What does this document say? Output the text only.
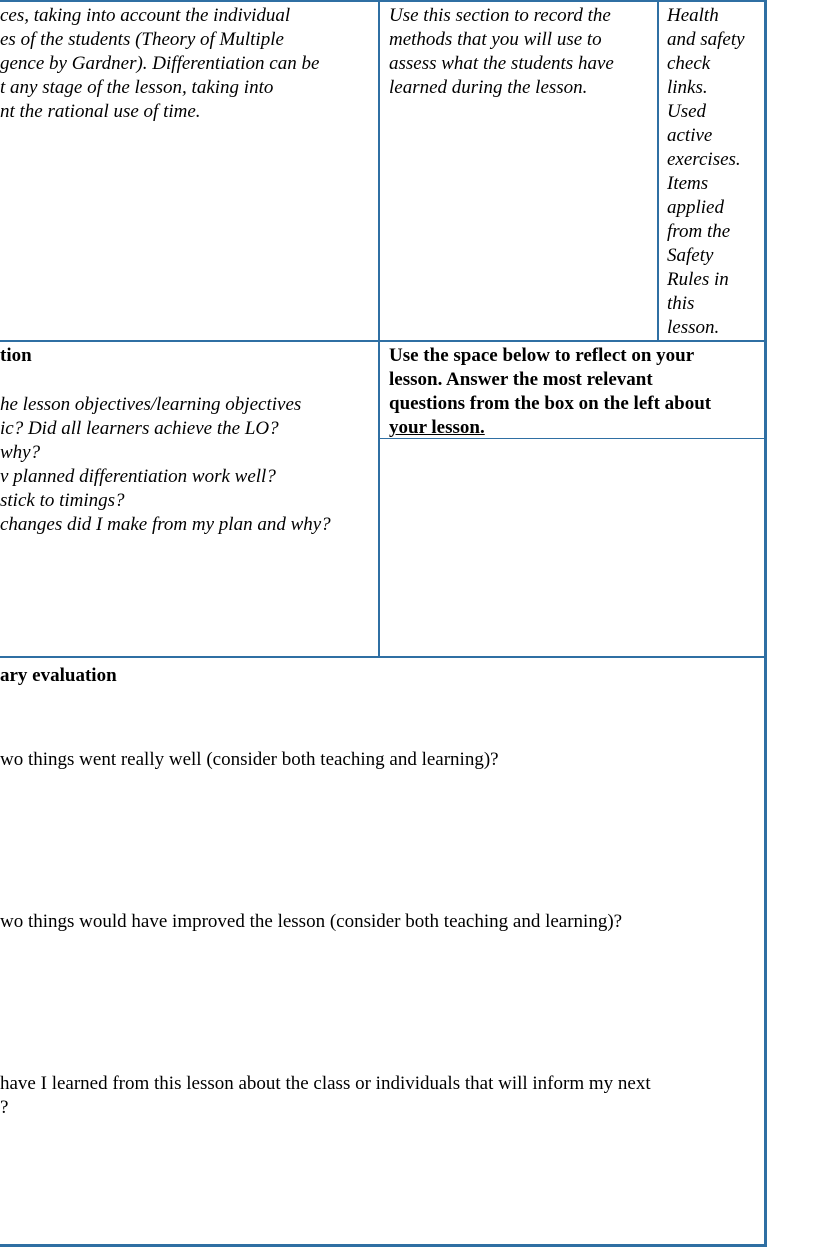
ces, taking into account the individual

es of the students (Theory of Multiple

gence by Gardner). Differentiation can be

t any stage of the lesson, taking into

nt the rational use of time.

Use this section to record the

methods that you will use to

assess what the students have

learned during the lesson.

Health

and safety

check

links.

Used

active

exercises.

Items

applied

from the

Safety

Rules in

this

lesson.

tion

he lesson objectives/learning objectives

ic? Did all learners achieve the LO?

why?

v planned differentiation work well?

stick to timings?

changes did I make from my plan and why?

Use the space below to reflect on your

lesson. Answer the most relevant

questions from the box on the left about

your lesson.

ary evaluation
wo things went really well (consider both teaching and learning)?
wo things would have improved the lesson (consider both teaching and learning)?

have I learned from this lesson about the class or individuals that will inform my next

?
